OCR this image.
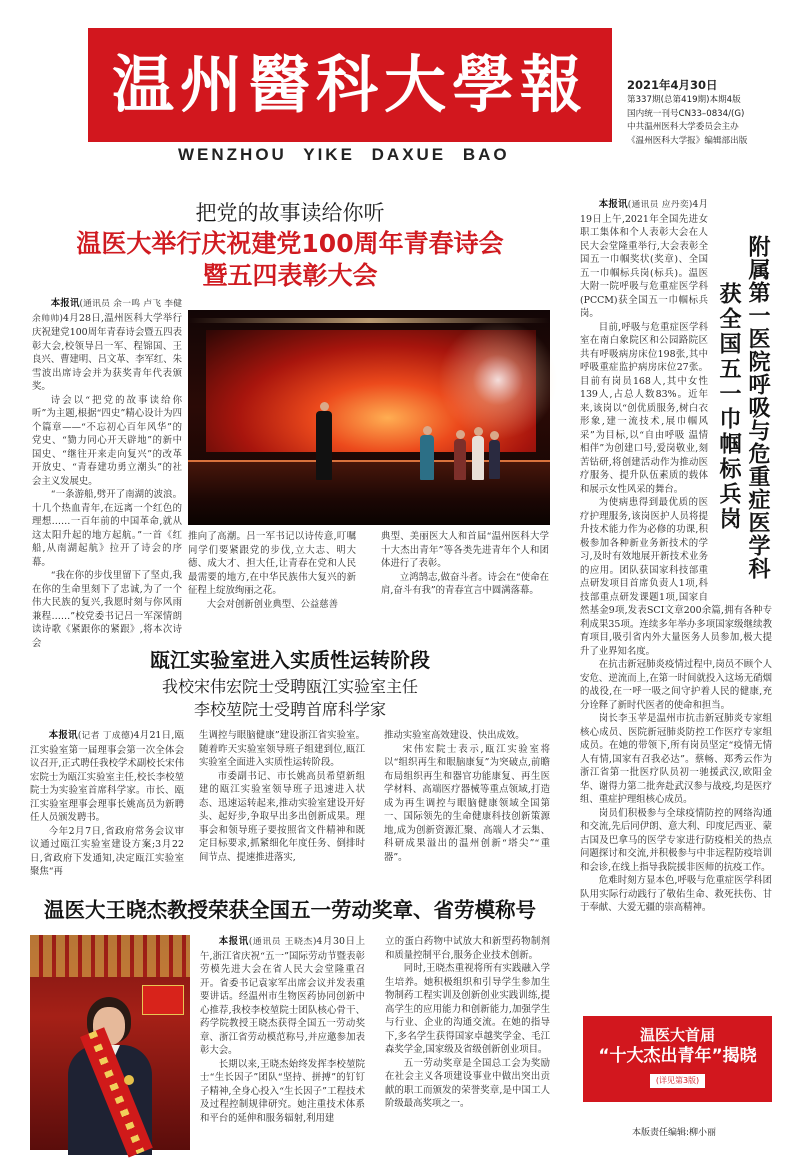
温州醫科大學報
WENZHOU YIKE DAXUE BAO
2021年4月30日
第337期(总第419期)本期4版
国内统一刊号CN33–0834/(G)
中共温州医科大学委员会主办
《温州医科大学报》编辑部出版
把党的故事读给你听
温医大举行庆祝建党100周年青春诗会
暨五四表彰大会

本报讯(通讯员 余一鸣 卢飞 李健 余帅帅)4月28日,温州医科大学举行庆祝建党100周年青春诗会暨五四表彰大会,校领导吕一军、程锦国、王良兴、曹建明、吕文革、李军红、朱雪波出席诗会并为获奖青年代表颁奖。

诗会以“把党的故事读给你听”为主题,根据“四史”精心设计为四个篇章——“不忘初心百年风华”的党史、“勠力同心开天辟地”的新中国史、“继往开来走向复兴”的改革开放史、“青春建功勇立潮头”的社会主义发展史。

“一条游船,劈开了南湖的波浪。十几个热血青年,在远离一个红色的理想……一百年前的中国革命,就从这太阳升起的地方起航。”一首《红船,从南湖起航》拉开了诗会的序幕。

“我在你的步伐里留下了坚贞,我在你的生命里刻下了忠诚,为了一个伟大民族的复兴,我愿时刻与你风雨兼程……”校党委书记吕一军深情朗读诗歌《紧跟你的紧跟》,将本次诗会

推向了高潮。吕一军书记以诗传意,叮嘱同学们要紧跟党的步伐,立大志、明大德、成大才、担大任,让青春在党和人民最需要的地方,在中华民族伟大复兴的新征程上绽放绚丽之花。

大会对创新创业典型、公益慈善

典型、美丽医大人和首届“温州医科大学十大杰出青年”等各类先进青年个人和团体进行了表彰。

立鸿鹄志,做奋斗者。诗会在“使命在肩,奋斗有我”的青春宣言中圆满落幕。

瓯江实验室进入实质性运转阶段
我校宋伟宏院士受聘瓯江实验室主任
李校堃院士受聘首席科学家

本报讯(记者 丁成德)4月21日,瓯江实验室第一届理事会第一次全体会议召开,正式聘任我校学术副校长宋伟宏院士为瓯江实验室主任,校长李校堃院士为实验室首席科学家。市长、瓯江实验室理事会理事长姚高员为新聘任人员颁发聘书。

今年2月7日,省政府常务会议审议通过瓯江实验室建设方案;3月22日,省政府下发通知,决定瓯江实验室聚焦“再

生调控与眼脑健康”建设浙江省实验室。随着昨天实验室领导班子组建到位,瓯江实验室全面进入实质性运转阶段。

市委副书记、市长姚高员希望新组建的瓯江实验室领导班子迅速进入状态、迅速运转起来,推动实验室建设开好头、起好步,争取早出多出创新成果。理事会和领导班子要按照省文件精神和既定目标要求,抓紧细化年度任务、倒排时间节点、提速推进落实,

推动实验室高效建设、快出成效。

宋伟宏院士表示,瓯江实验室将以“组织再生和眼脑康复”为突破点,前瞻布局组织再生和器官功能康复、再生医学材料、高端医疗器械等重点领域,打造成为再生调控与眼脑健康领域全国第一、国际领先的生命健康科技创新策源地,成为创新资源汇聚、高端人才云集、科研成果溢出的温州创新“塔尖”“重器”。

温医大王晓杰教授荣获全国五一劳动奖章、省劳模称号

本报讯(通讯员 王晓杰)4月30日上午,浙江省庆祝“五一”国际劳动节暨表彰劳模先进大会在省人民大会堂隆重召开。省委书记袁家军出席会议并发表重要讲话。经温州市生物医药协同创新中心推荐,我校李校堃院士团队核心骨干、药学院教授王晓杰获得全国五一劳动奖章、浙江省劳动模范称号,并应邀参加表彰大会。

长期以来,王晓杰始终发挥李校堃院士“生长因子”团队“坚持、拼搏”的钉钉子精神,全身心投入“生长因子”工程技术及过程控制规律研究。她注重技术体系和平台的延伸和服务辐射,利用建

立的蛋白药物中试放大和新型药物制剂和质量控制平台,服务企业技术创新。

同时,王晓杰重视将所有实践融入学生培养。她积极组织和引导学生参加生物制药工程实训及创新创业实践训练,提高学生的应用能力和创新能力,加强学生与行业、企业的沟通交流。在她的指导下,多名学生获得国家卓越奖学金、毛江森奖学金,国家级及省级创新创业项目。

五一劳动奖章是全国总工会为奖励在社会主义各项建设事业中做出突出贡献的职工而颁发的荣誉奖章,是中国工人阶级最高奖项之一。

附属第一医院呼吸与危重症医学科
获全国五一巾帼标兵岗

本报讯(通讯员 应丹奕)4月19日上午,2021年全国先进女职工集体和个人表彰大会在人民大会堂隆重举行,大会表彰全国五一巾帼奖状(奖章)、全国五一巾帼标兵岗(标兵)。温医大附一院呼吸与危重症医学科(PCCM)获全国五一巾帼标兵岗。

目前,呼吸与危重症医学科室在南白象院区和公园路院区共有呼吸病房床位198张,其中呼吸重症监护病房床位27张。目前有岗员168人,其中女性139人,占总人数83%。近年来,该岗以“创优质服务,树白衣形象,建一流技术,展巾帼风采”为目标,以“自由呼吸 温情相伴”为创建口号,爱岗敬业,刻苦钻研,将创建活动作为推动医疗服务、提升队伍素质的载体和展示女性风采的舞台。

为使病患得到最优质的医疗护理服务,该岗医护人员将提升技术能力作为必修的功课,积极参加各种新业务新技术的学习,及时有效地展开新技术业务的应用。团队获国家科技部重点研发项目首席负责人1项,科技部重点研发课题1项,国家自然基金9项,发表SCI文章200余篇,拥有各种专利成果35项。连续多年举办多项国家级继续教育项目,吸引省内外大量医务人员参加,极大提升了业界知名度。

在抗击新冠肺炎疫情过程中,岗员不顾个人安危、逆流而上,在第一时间就投入这场无硝烟的战役,在一呼一吸之间守护着人民的健康,充分诠释了新时代医者的使命和担当。

岗长李玉苹是温州市抗击新冠肺炎专家组核心成员、医院新冠肺炎防控工作医疗专家组成员。在她的带领下,所有岗员坚定“疫情无情人有情,国家有召我必达”。蔡畅、郑秀云作为浙江省第一批医疗队员初一驰援武汉,欧阳金华、谢得力第二批奔赴武汉参与战疫,均是医疗组、重症护理组核心成员。

岗员们积极参与全球疫情防控的网络沟通和交流,先后同伊朗、意大利、印度尼西亚、蒙古国及巴拿马的医学专家进行防疫相关的热点问题探讨和交流,并积极参与中非远程防疫培训和会诊,在线上指导我院援非医师的抗疫工作。

危难时刻方显本色,呼吸与危重症医学科团队用实际行动践行了敬佑生命、救死扶伤、甘于奉献、大爱无疆的崇高精神。

温医大首届
“十大杰出青年”揭晓
(详见第3版)
本版责任编辑:柳小丽
